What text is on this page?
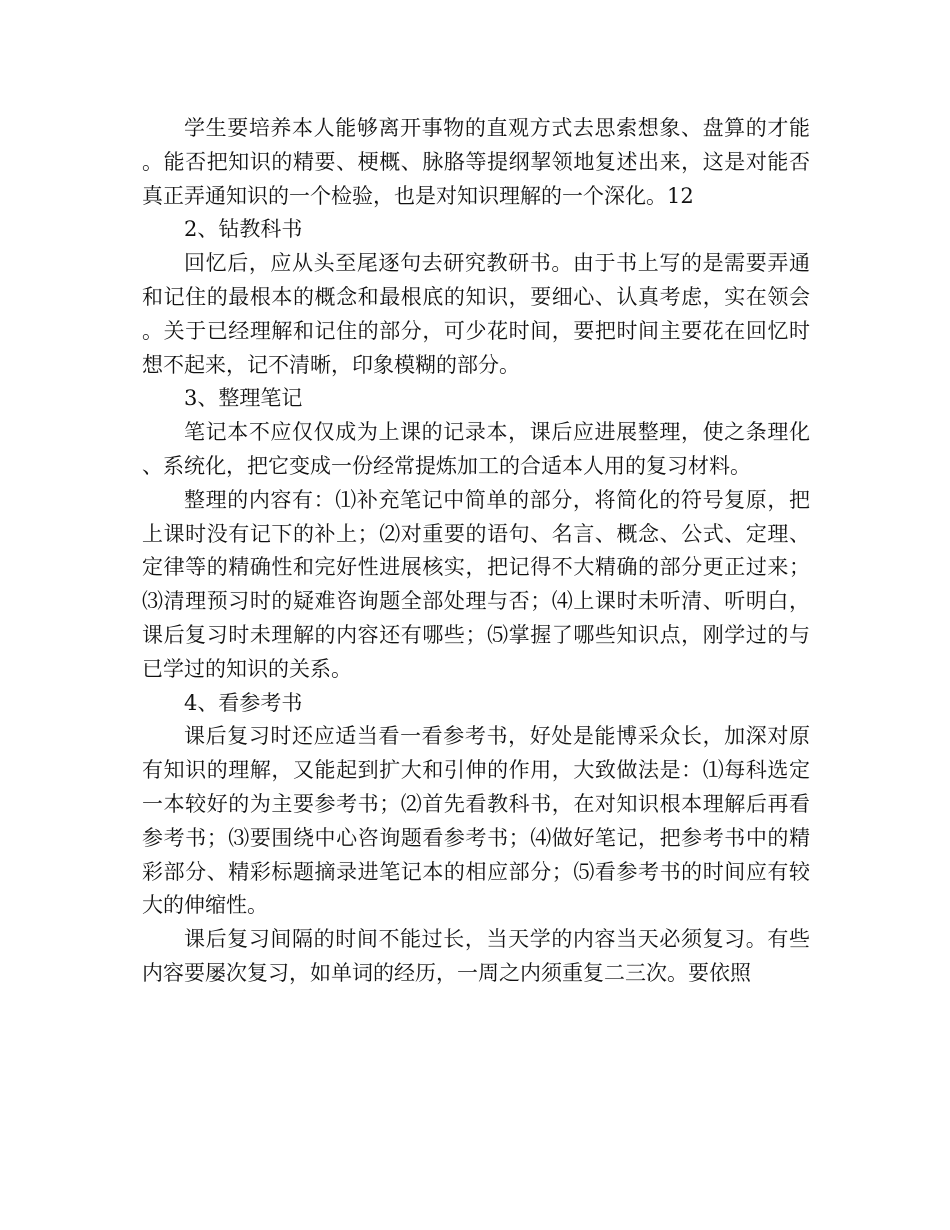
学生要培养本人能够离开事物的直观方式去思索想象、盘算的才能。能否把知识的精要、梗概、脉胳等提纲挈领地复述出来，这是对能否真正弄通知识的一个检验，也是对知识理解的一个深化。12

2、钻教科书

回忆后，应从头至尾逐句去研究教研书。由于书上写的是需要弄通和记住的最根本的概念和最根底的知识，要细心、认真考虑，实在领会。关于已经理解和记住的部分，可少花时间，要把时间主要花在回忆时想不起来，记不清晰，印象模糊的部分。

3、整理笔记

笔记本不应仅仅成为上课的记录本，课后应进展整理，使之条理化、系统化，把它变成一份经常提炼加工的合适本人用的复习材料。

整理的内容有：⑴补充笔记中简单的部分，将简化的符号复原，把上课时没有记下的补上；⑵对重要的语句、名言、概念、公式、定理、定律等的精确性和完好性进展核实，把记得不大精确的部分更正过来；⑶清理预习时的疑难咨询题全部处理与否；⑷上课时未听清、听明白，课后复习时未理解的内容还有哪些；⑸掌握了哪些知识点，刚学过的与已学过的知识的关系。

4、看参考书

课后复习时还应适当看一看参考书，好处是能博采众长，加深对原有知识的理解，又能起到扩大和引伸的作用，大致做法是：⑴每科选定一本较好的为主要参考书；⑵首先看教科书，在对知识根本理解后再看参考书；⑶要围绕中心咨询题看参考书；⑷做好笔记，把参考书中的精彩部分、精彩标题摘录进笔记本的相应部分；⑸看参考书的时间应有较大的伸缩性。

课后复习间隔的时间不能过长，当天学的内容当天必须复习。有些内容要屡次复习，如单词的经历，一周之内须重复二三次。要依照
